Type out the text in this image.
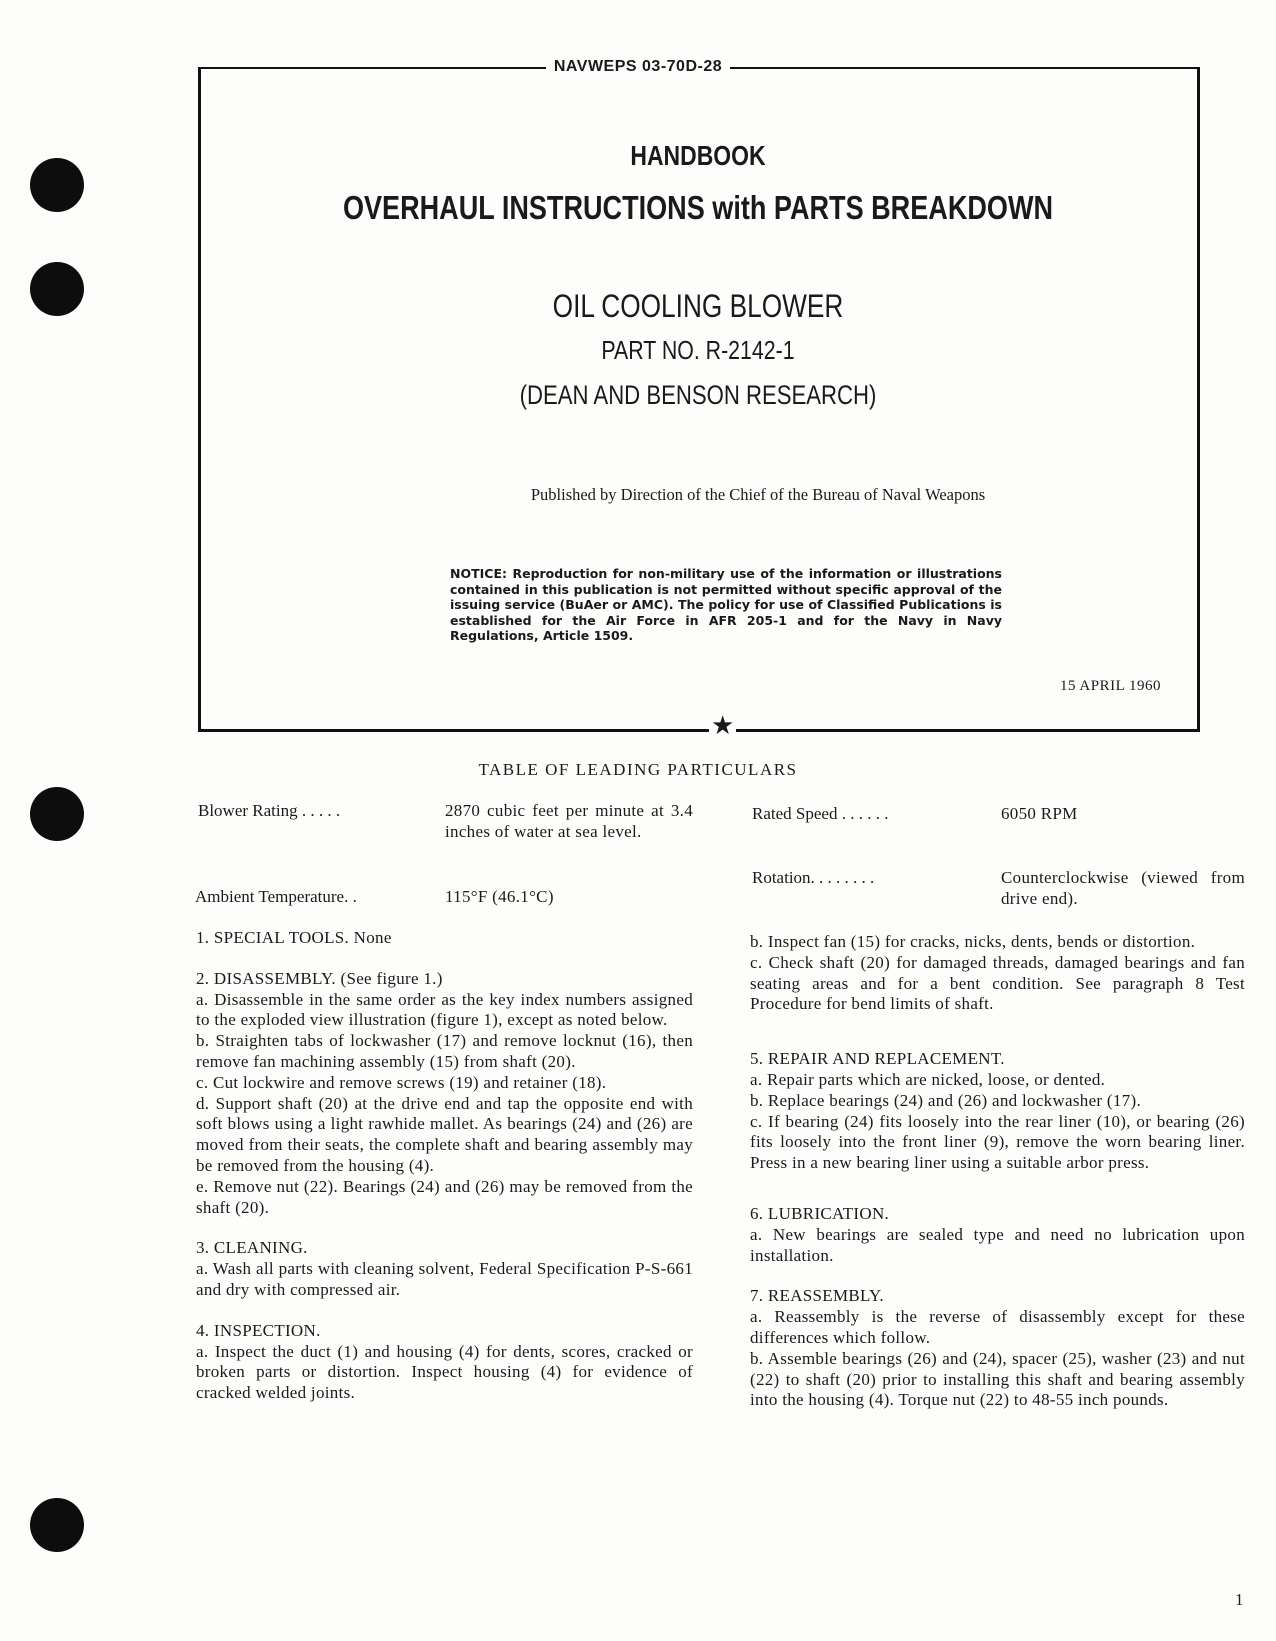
NAVWEPS 03-70D-28
HANDBOOK
OVERHAUL INSTRUCTIONS with PARTS BREAKDOWN
OIL COOLING BLOWER
PART NO. R-2142-1
(DEAN AND BENSON RESEARCH)
Published by Direction of the Chief of the Bureau of Naval Weapons
NOTICE: Reproduction for non-military use of the information or illustrations contained in this publication is not permitted without specific approval of the issuing service (BuAer or AMC). The policy for use of Classified Publications is established for the Air Force in AFR 205-1 and for the Navy in Navy Regulations, Article 1509.
15 APRIL 1960
★
TABLE OF LEADING PARTICULARS
Blower Rating . . . . .	2870 cubic feet per minute at 3.4 inches of water at sea level.
Ambient Temperature. .	115°F (46.1°C)
Rated Speed . . . . . .	6050 RPM
Rotation. . . . . . . .	Counterclockwise (viewed from drive end).

1. SPECIAL TOOLS. None

2. DISASSEMBLY. (See figure 1.)

a. Disassemble in the same order as the key index numbers assigned to the exploded view illustration (figure 1), except as noted below.

b. Straighten tabs of lockwasher (17) and remove locknut (16), then remove fan machining assembly (15) from shaft (20).

c. Cut lockwire and remove screws (19) and retainer (18).

d. Support shaft (20) at the drive end and tap the opposite end with soft blows using a light rawhide mallet. As bearings (24) and (26) are moved from their seats, the complete shaft and bearing assembly may be removed from the housing (4).

e. Remove nut (22). Bearings (24) and (26) may be removed from the shaft (20).

3. CLEANING.

a. Wash all parts with cleaning solvent, Federal Specification P-S-661 and dry with compressed air.

4. INSPECTION.

a. Inspect the duct (1) and housing (4) for dents, scores, cracked or broken parts or distortion. Inspect housing (4) for evidence of cracked welded joints.

b. Inspect fan (15) for cracks, nicks, dents, bends or distortion.

c. Check shaft (20) for damaged threads, damaged bearings and fan seating areas and for a bent condition. See paragraph 8 Test Procedure for bend limits of shaft.

5. REPAIR AND REPLACEMENT.

a. Repair parts which are nicked, loose, or dented.

b. Replace bearings (24) and (26) and lockwasher (17).

c. If bearing (24) fits loosely into the rear liner (10), or bearing (26) fits loosely into the front liner (9), remove the worn bearing liner. Press in a new bearing liner using a suitable arbor press.

6. LUBRICATION.

a. New bearings are sealed type and need no lubrication upon installation.

7. REASSEMBLY.

a. Reassembly is the reverse of disassembly except for these differences which follow.

b. Assemble bearings (26) and (24), spacer (25), washer (23) and nut (22) to shaft (20) prior to installing this shaft and bearing assembly into the housing (4). Torque nut (22) to 48-55 inch pounds.

1
